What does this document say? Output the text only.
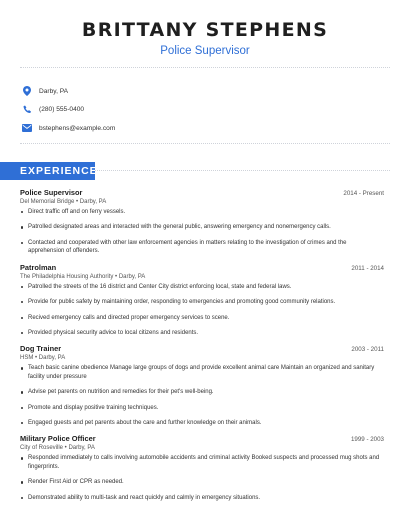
BRITTANY STEPHENS
Police Supervisor
Darby, PA
(280) 555-0400
bstephens@example.com
EXPERIENCE
Police Supervisor	2014 - Present
Del Memorial Bridge • Darby, PA
Direct traffic off and on ferry vessels.
Patrolled designated areas and interacted with the general public, answering emergency and nonemergency calls.
Contacted and cooperated with other law enforcement agencies in matters relating to the investigation of crimes and the apprehension of offenders.
Patrolman	2011 - 2014
The Philadelphia Housing Authority • Darby, PA
Patrolled the streets of the 16 district and Center City district enforcing local, state and federal laws.
Provide for public safety by maintaining order, responding to emergencies and promoting good community relations.
Recived emergency calls and directed proper emergency services to scene.
Provided physical security advice to local citizens and residents.
Dog Trainer	2003 - 2011
HSM • Darby, PA
Teach basic canine obedience Manage large groups of dogs and provide excellent animal care Maintain an organized and sanitary facility under pressure
Advise pet parents on nutrition and remedies for their pet's well-being.
Promote and display positive training techniques.
Engaged guests and pet parents about the care and further knowledge on their animals.
Military Police Officer	1999 - 2003
City of Roseville • Darby, PA
Responded immediately to calls involving automobile accidents and criminal activity Booked suspects and processed mug shots and fingerprints.
Render First Aid or CPR as needed.
Demonstrated ability to multi-task and react quickly and calmly in emergency situations.
